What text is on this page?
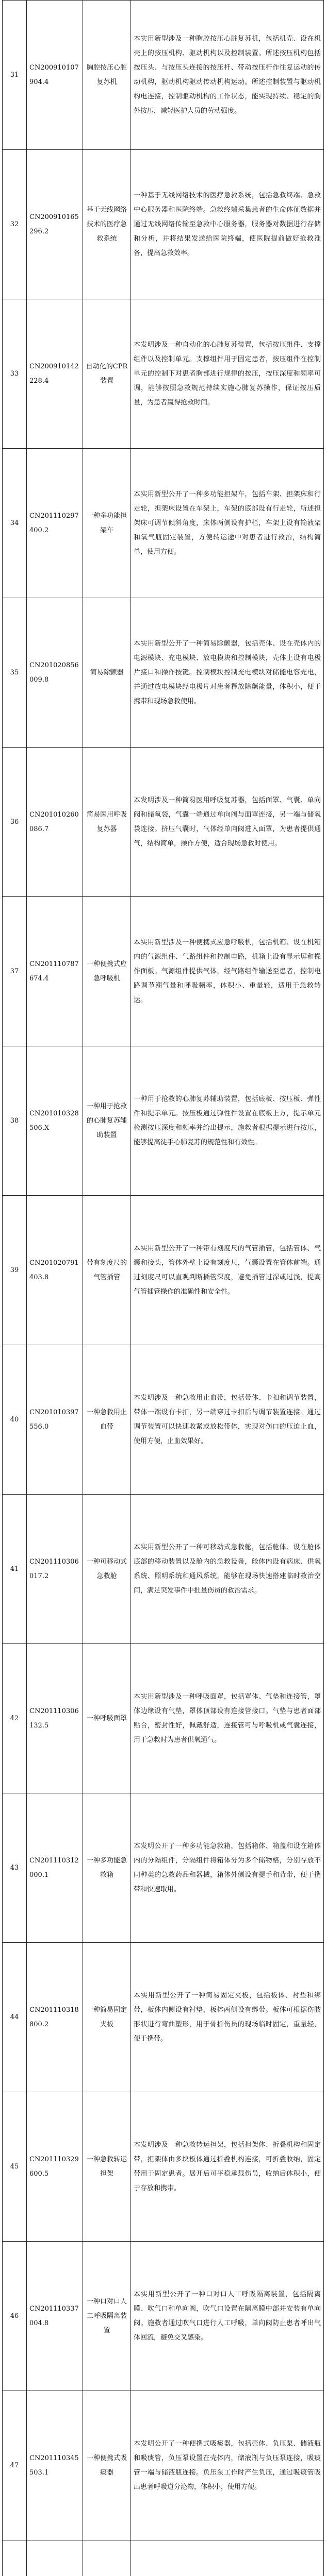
31	CN200910107904.4	胸腔按压心脏复苏机	本实用新型涉及一种胸腔按压心脏复苏机，包括机壳、设在机壳上的按压机构、驱动机构以及控制装置。所述按压机构包括按压头、与按压头连接的按压杆、带动按压杆作往复运动的传动机构，驱动机构驱动传动机构运动。所述控制装置与驱动机构电连接，控制驱动机构的工作状态，能实现持续、稳定的胸外按压，减轻医护人员的劳动强度。
32	CN200910165296.2	基于无线网络技术的医疗急救系统	一种基于无线网络技术的医疗急救系统，包括急救终端、急救中心服务器和医院终端。急救终端采集患者的生命体征数据并通过无线网络传输至急救中心服务器，服务器对数据进行存储和分析，并将结果发送给医院终端，使医院提前做好抢救准备，提高急救效率。
33	CN200910142228.4	自动化的CPR装置	本发明涉及一种自动化的心肺复苏装置，包括按压组件、支撑组件以及控制单元。支撑组件用于固定患者，按压组件在控制单元的控制下对患者胸部进行规律的按压，按压深度和频率可调，能够按照急救规范持续实施心肺复苏操作，保证按压质量，为患者赢得抢救时间。
34	CN201110297400.2	一种多功能担架车	本实用新型公开了一种多功能担架车，包括车架、担架床和行走轮，担架床设置在车架上，车架的底部设有行走轮，所述担架床可调节倾斜角度，床体两侧设有护栏，车架上设有输液架和氧气瓶固定装置，方便转运途中对患者进行救治，结构简单，使用方便。
35	CN201020856009.8	简易除颤器	本实用新型公开了一种简易除颤器，包括壳体、设在壳体内的电源模块、充电模块、放电模块和控制模块，壳体上设有电极片接口和操作按键。控制模块控制充电模块对储能电容充电，并通过放电模块经电极片对患者释放除颤能量，体积小，便于携带和现场急救使用。
36	CN201010260086.7	简易医用呼吸复苏器	本发明涉及一种简易医用呼吸复苏器，包括面罩、气囊、单向阀和储氧袋，气囊一端通过单向阀与面罩连接，另一端与储氧袋连接。挤压气囊时，气体经单向阀进入面罩，为患者提供通气，结构简单，操作方便，适合现场急救时使用。
37	CN201110787674.4	一种便携式应急呼吸机	本实用新型涉及一种便携式应急呼吸机，包括机箱、设在机箱内的气源组件、气路组件和控制电路，机箱上设有显示屏和操作面板。气源组件提供气体，经气路组件输送至患者，控制电路调节潮气量和呼吸频率，体积小、重量轻，适用于急救转运。
38	CN201010328506.X	一种用于抢救的心肺复苏辅助装置	一种用于抢救的心肺复苏辅助装置，包括底板、按压板、弹性件和提示单元。按压板通过弹性件设置在底板上方，提示单元检测按压深度和频率并给出提示，施救者根据提示进行按压，能够提高徒手心肺复苏的规范性和有效性。
39	CN201020791403.8	带有刻度尺的气管插管	本实用新型公开了一种带有刻度尺的气管插管，包括管体、气囊和接头，管体外壁上设有刻度尺，气囊设置在管体前端。通过刻度尺可以直观判断插管深度，避免插管过深或过浅，提高气管插管操作的准确性和安全性。
40	CN201010397556.0	一种急救用止血带	本发明涉及一种急救用止血带，包括带体、卡扣和调节装置，带体一端设有卡扣，另一端穿过卡扣后与调节装置连接。通过调节装置可以快速收紧或放松带体，实现对伤口的压迫止血，使用方便，止血效果好。
41	CN201110306017.2	一种可移动式急救舱	本实用新型公开了一种可移动式急救舱，包括舱体、设在舱体底部的移动装置以及舱内的急救设备，舱体内设有病床、供氧系统、照明系统和通风系统，能够在现场快速搭建临时救治空间，满足突发事件中批量伤员的救治需求。
42	CN201110306132.5	一种呼吸面罩	本实用新型涉及一种呼吸面罩，包括罩体、气垫和连接管，罩体边缘设有气垫，罩体顶部设有连接管接口。气垫与患者面部贴合，密封性好，佩戴舒适，连接管可与呼吸机或气囊连接，用于急救时为患者供氧通气。
43	CN201110312000.1	一种多功能急救箱	本发明公开了一种多功能急救箱，包括箱体、箱盖和设在箱体内的分隔组件，分隔组件将箱体分为多个储物格，分别存放不同种类的急救药品和器械，箱体外侧设有提手和背带，便于携带和快速取用。
44	CN201110318800.2	一种简易固定夹板	本实用新型公开了一种简易固定夹板，包括板体、衬垫和绑带，板体内侧设有衬垫，板体两侧设有绑带。板体可根据伤肢形状进行弯曲塑形，用于骨折伤员的现场临时固定，重量轻，便于携带。
45	CN201110329600.5	一种急救转运担架	本发明涉及一种急救转运担架，包括担架体、折叠机构和固定带，担架体由多块板体通过折叠机构连接，可折叠收纳，固定带用于固定患者。展开后可平稳承载伤员，收纳后体积小，便于存放和携带。
46	CN201110337004.8	一种口对口人工呼吸隔离装置	本实用新型公开了一种口对口人工呼吸隔离装置，包括隔离膜、吹气口和单向阀，吹气口设置在隔离膜中部并安装有单向阀。施救者通过吹气口进行人工呼吸，单向阀防止患者呼出气体回流，避免交叉感染。
47	CN201110345503.1	一种便携式吸痰器	本发明公开了一种便携式吸痰器，包括壳体、负压泵、储液瓶和吸痰管，负压泵设置在壳体内，储液瓶与负压泵连接，吸痰管一端与储液瓶连接。负压泵工作时产生负压，通过吸痰管吸出患者呼吸道分泌物，体积小，使用方便。
